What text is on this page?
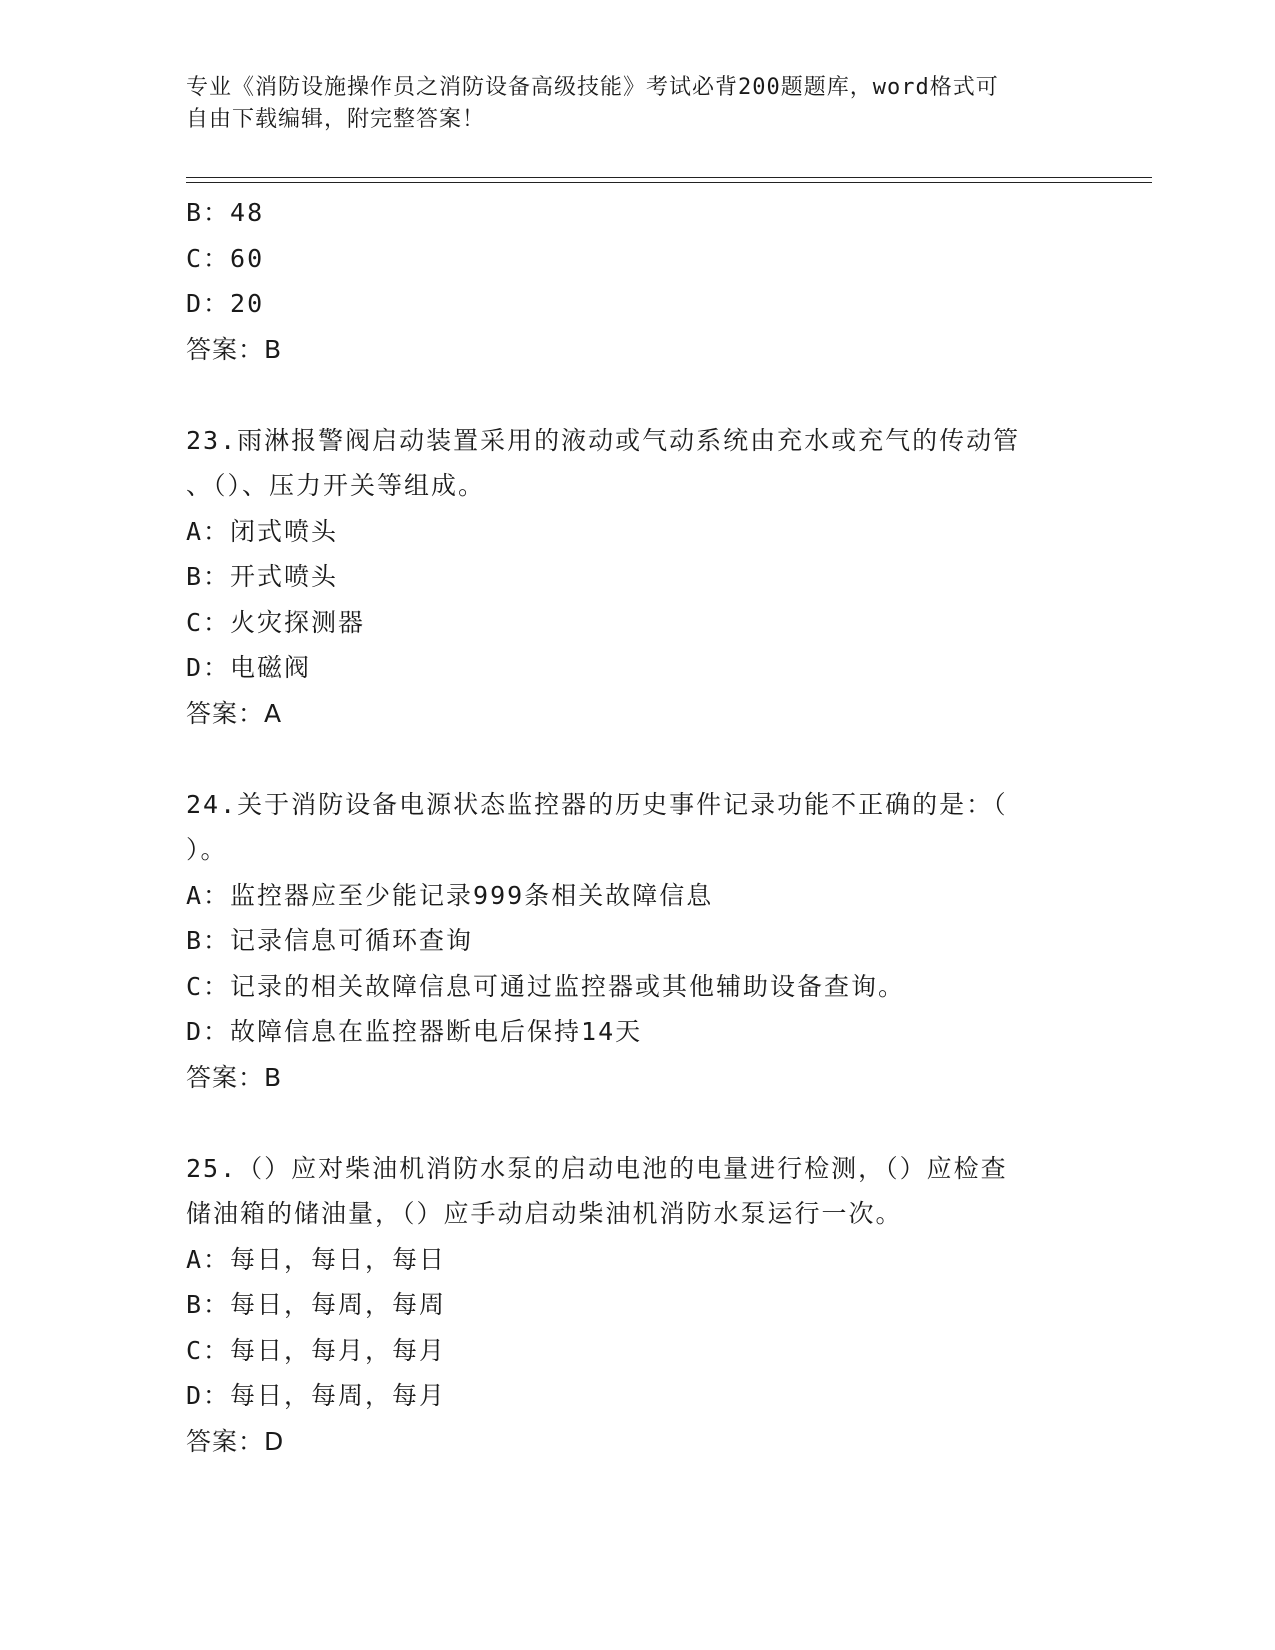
专业《消防设施操作员之消防设备高级技能》考试必背200题题库，word格式可
自由下载编辑，附完整答案！
B：48
C：60
D：20
答案：B
23.雨淋报警阀启动装置采用的液动或气动系统由充水或充气的传动管
、（）、压力开关等组成。
A：闭式喷头
B：开式喷头
C：火灾探测器
D：电磁阀
答案：A
24.关于消防设备电源状态监控器的历史事件记录功能不正确的是：（
）。
A：监控器应至少能记录999条相关故障信息
B：记录信息可循环查询
C：记录的相关故障信息可通过监控器或其他辅助设备查询。
D：故障信息在监控器断电后保持14天
答案：B
25.（）应对柴油机消防水泵的启动电池的电量进行检测，（）应检查
储油箱的储油量，（）应手动启动柴油机消防水泵运行一次。
A：每日，每日，每日
B：每日，每周，每周
C：每日，每月，每月
D：每日，每周，每月
答案：D
